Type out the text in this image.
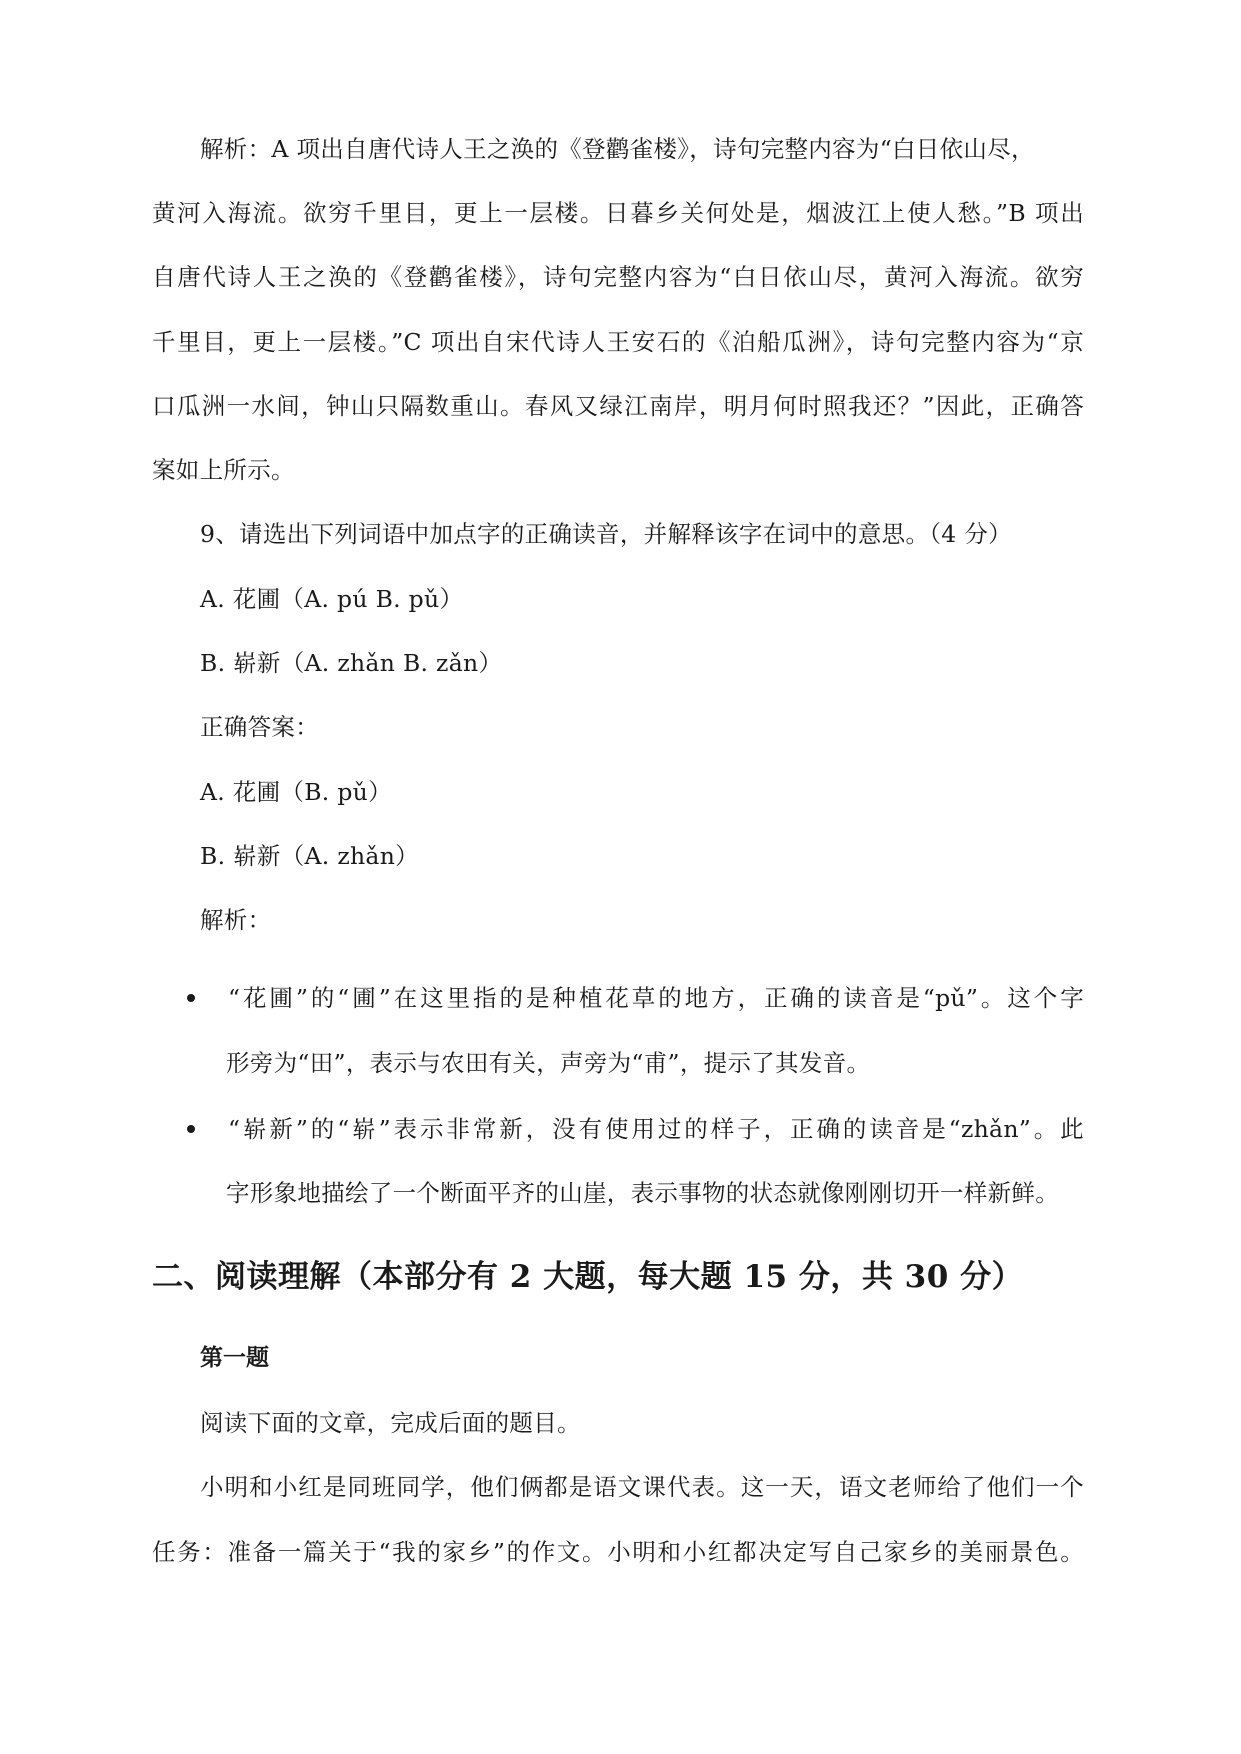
解析：A 项出自唐代诗人王之涣的《登鹳雀楼》，诗句完整内容为“白日依山尽，
黄河入海流。欲穷千里目，更上一层楼。日暮乡关何处是，烟波江上使人愁。”B 项出
自唐代诗人王之涣的《登鹳雀楼》，诗句完整内容为“白日依山尽，黄河入海流。欲穷
千里目，更上一层楼。”C 项出自宋代诗人王安石的《泊船瓜洲》，诗句完整内容为“京
口瓜洲一水间，钟山只隔数重山。春风又绿江南岸，明月何时照我还？”因此，正确答
案如上所示。
9、请选出下列词语中加点字的正确读音，并解释该字在词中的意思。（4 分）
A. 花圃（A. pú B. pǔ）
B. 崭新（A. zhǎn B. zǎn）
正确答案：
A. 花圃（B. pǔ）
B. 崭新（A. zhǎn）
解析：
“花圃”的“圃”在这里指的是种植花草的地方，正确的读音是“pǔ”。这个字
形旁为“田”，表示与农田有关，声旁为“甫”，提示了其发音。
“崭新”的“崭”表示非常新，没有使用过的样子，正确的读音是“zhǎn”。此
字形象地描绘了一个断面平齐的山崖，表示事物的状态就像刚刚切开一样新鲜。
二、阅读理解（本部分有 2 大题，每大题 15 分，共 30 分）
第一题
阅读下面的文章，完成后面的题目。
小明和小红是同班同学，他们俩都是语文课代表。这一天，语文老师给了他们一个
任务：准备一篇关于“我的家乡”的作文。小明和小红都决定写自己家乡的美丽景色。
